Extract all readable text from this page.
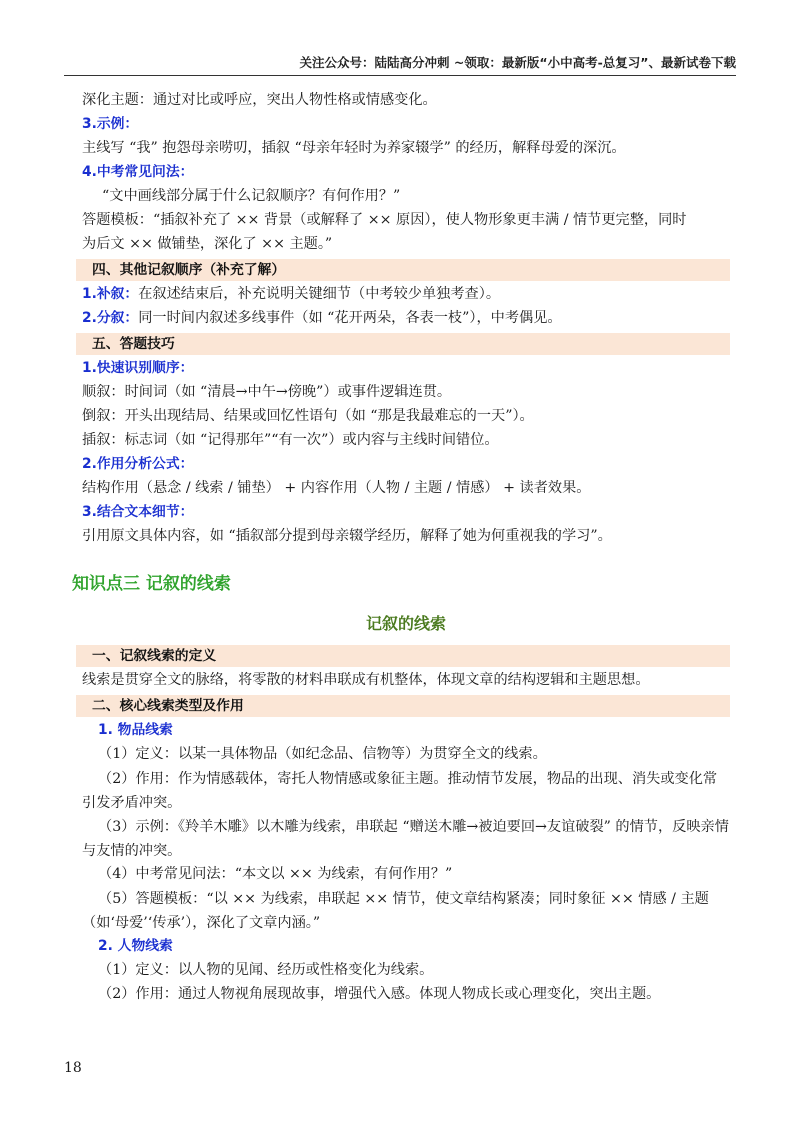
关注公众号：陆陆高分冲刺 ~领取：最新版“小中高考-总复习”、最新试卷下载
深化主题：通过对比或呼应，突出人物性格或情感变化。
3.示例：
主线写 “我” 抱怨母亲唠叨，插叙 “母亲年轻时为养家辍学” 的经历，解释母爱的深沉。
4.中考常见问法：
“文中画线部分属于什么记叙顺序？有何作用？”
答题模板：“插叙补充了 ×× 背景（或解释了 ×× 原因），使人物形象更丰满 / 情节更完整，同时
为后文 ×× 做铺垫，深化了 ×× 主题。”
四、其他记叙顺序（补充了解）
1.补叙：在叙述结束后，补充说明关键细节（中考较少单独考查）。
2.分叙：同一时间内叙述多线事件（如 “花开两朵，各表一枝”），中考偶见。
五、答题技巧
1.快速识别顺序：
顺叙：时间词（如 “清晨→中午→傍晚”）或事件逻辑连贯。
倒叙：开头出现结局、结果或回忆性语句（如 “那是我最难忘的一天”）。
插叙：标志词（如 “记得那年”“有一次”）或内容与主线时间错位。
2.作用分析公式：
结构作用（悬念 / 线索 / 铺垫） + 内容作用（人物 / 主题 / 情感） + 读者效果。
3.结合文本细节：
引用原文具体内容，如 “插叙部分提到母亲辍学经历，解释了她为何重视我的学习”。
知识点三 记叙的线索
记叙的线索
一、记叙线索的定义
线索是贯穿全文的脉络，将零散的材料串联成有机整体，体现文章的结构逻辑和主题思想。
二、核心线索类型及作用
1. 物品线索
（1）定义：以某一具体物品（如纪念品、信物等）为贯穿全文的线索。
（2）作用：作为情感载体，寄托人物情感或象征主题。推动情节发展，物品的出现、消失或变化常引发矛盾冲突。
（3）示例：《羚羊木雕》以木雕为线索，串联起 “赠送木雕→被迫要回→友谊破裂” 的情节，反映亲情与友情的冲突。
（4）中考常见问法：“本文以 ×× 为线索，有何作用？”
（5）答题模板：“以 ×× 为线索，串联起 ×× 情节，使文章结构紧凑；同时象征 ×× 情感 / 主题（如‘母爱’‘传承’），深化了文章内涵。”
2. 人物线索
（1）定义：以人物的见闻、经历或性格变化为线索。
（2）作用：通过人物视角展现故事，增强代入感。体现人物成长或心理变化，突出主题。
18
